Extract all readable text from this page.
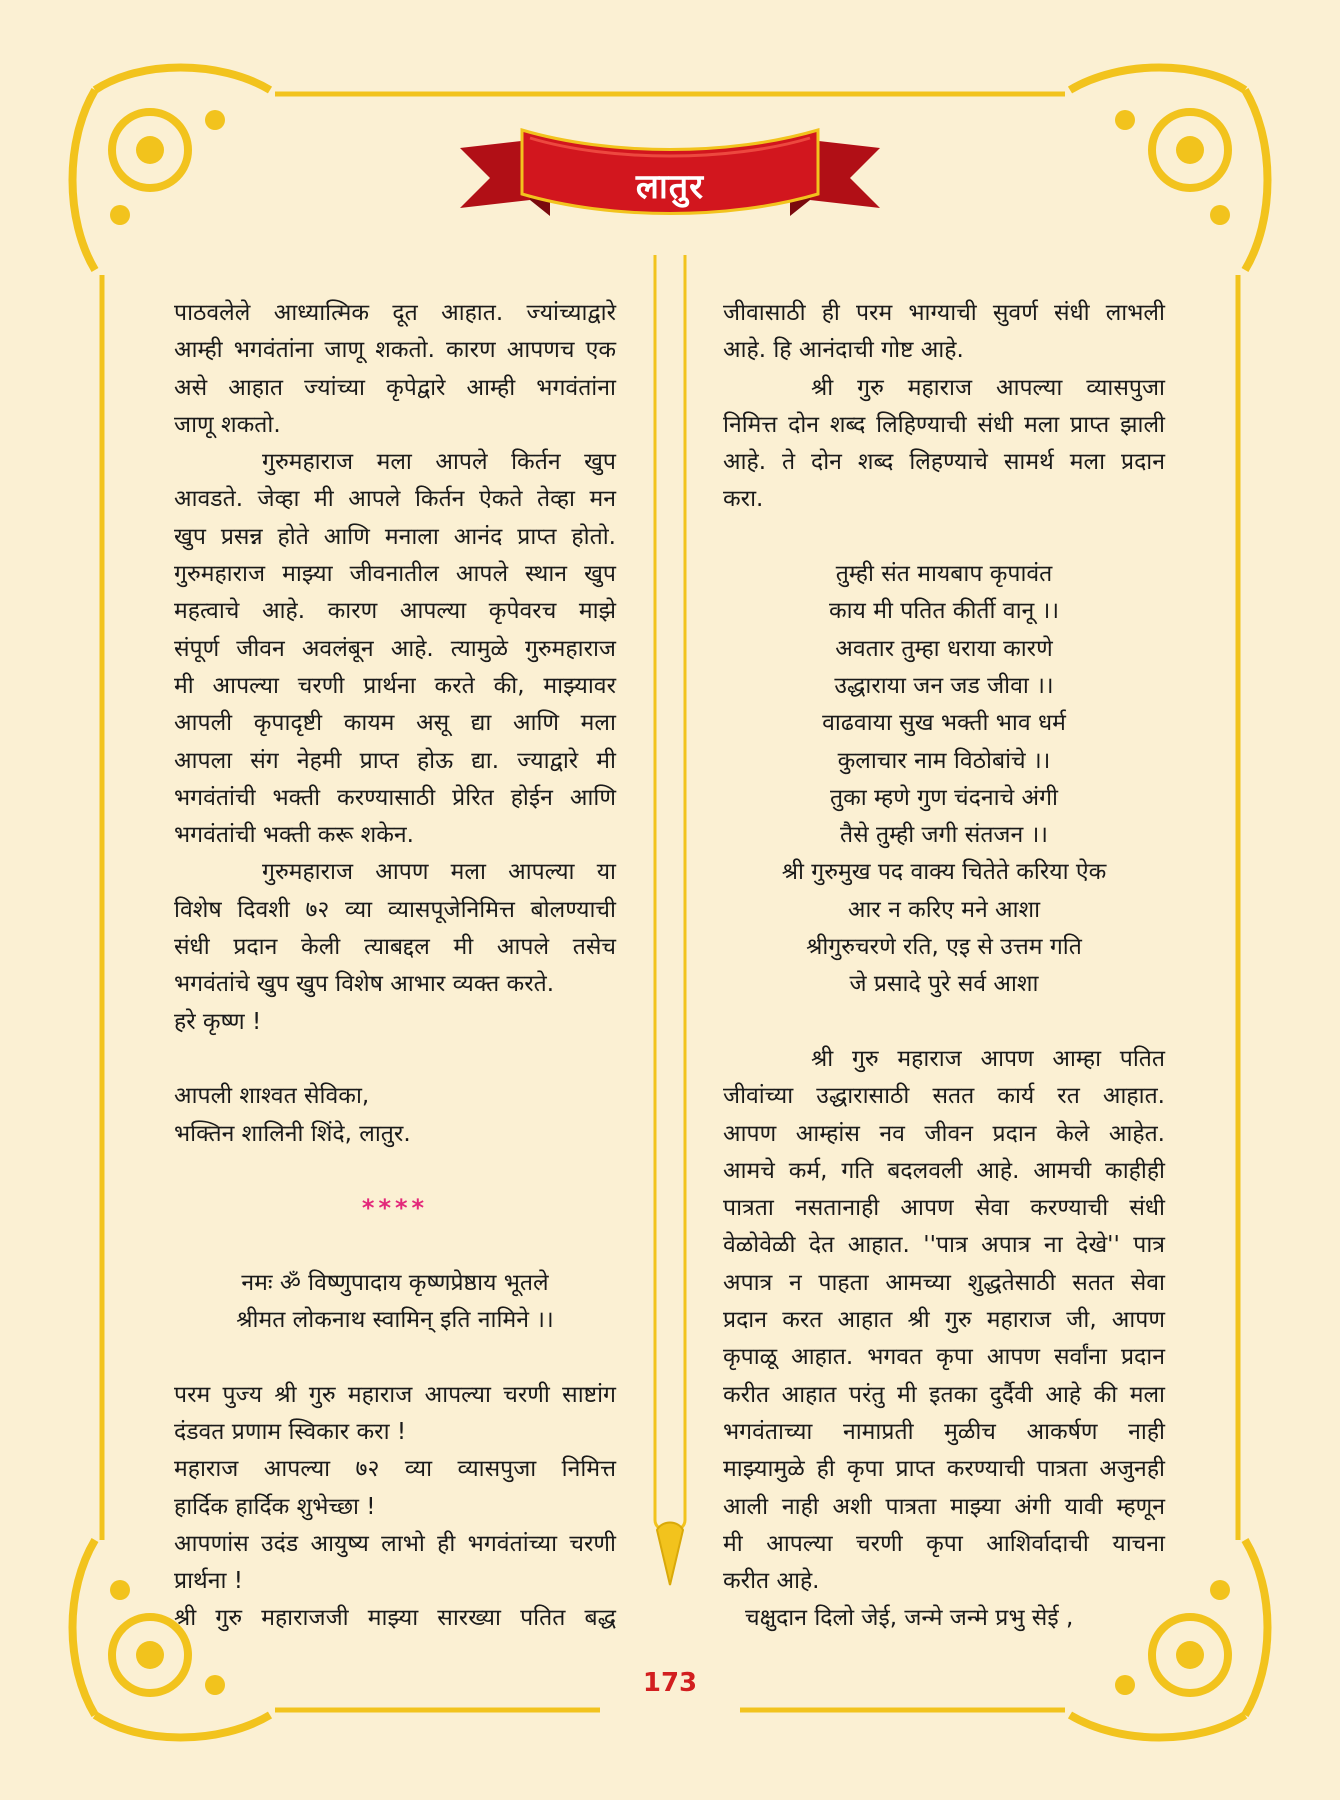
लातुर

पाठवलेले आध्यात्मिक दूत आहात. ज्यांच्याद्वारे

आम्ही भगवंतांना जाणू शकतो. कारण आपणच एक

असे आहात ज्यांच्या कृपेद्वारे आम्ही भगवंतांना

जाणू शकतो.

गुरुमहाराज मला आपले किर्तन खुप

आवडते. जेव्हा मी आपले किर्तन ऐकते तेव्हा मन

खुप प्रसन्न होते आणि मनाला आनंद प्राप्त होतो.

गुरुमहाराज माझ्या जीवनातील आपले स्थान खुप

महत्वाचे आहे. कारण आपल्या कृपेवरच माझे

संपूर्ण जीवन अवलंबून आहे. त्यामुळे गुरुमहाराज

मी आपल्या चरणी प्रार्थना करते की, माझ्यावर

आपली कृपादृष्टी कायम असू द्या आणि मला

आपला संग नेहमी प्राप्त होऊ द्या. ज्याद्वारे मी

भगवंतांची भक्ती करण्यासाठी प्रेरित होईन आणि

भगवंतांची भक्ती करू शकेन.

गुरुमहाराज आपण मला आपल्या या

विशेष दिवशी ७२ व्या व्यासपूजेनिमित्त बोलण्याची

संधी प्रदान केली त्याबद्दल मी आपले तसेच

भगवंतांचे खुप खुप विशेष आभार व्यक्त करते.

हरे कृष्ण !

आपली शाश्वत सेविका,

भक्तिन शालिनी शिंदे, लातुर.

****

नमः ॐ विष्णुपादाय कृष्णप्रेष्ठाय भूतले

श्रीमत लोकनाथ स्वामिन् इति नामिने ।।

परम पुज्य श्री गुरु महाराज आपल्या चरणी साष्टांग

दंडवत प्रणाम स्विकार करा !

महाराज आपल्या ७२ व्या व्यासपुजा निमित्त

हार्दिक हार्दिक शुभेच्छा !

आपणांस उदंड आयुष्य लाभो ही भगवंतांच्या चरणी

प्रार्थना !

श्री गुरु महाराजजी माझ्या सारख्या पतित बद्ध

जीवासाठी ही परम भाग्याची सुवर्ण संधी लाभली

आहे. हि आनंदाची गोष्ट आहे.

श्री गुरु महाराज आपल्या व्यासपुजा

निमित्त दोन शब्द लिहिण्याची संधी मला प्राप्त झाली

आहे. ते दोन शब्द लिहण्याचे सामर्थ मला प्रदान

करा.

तुम्ही संत मायबाप कृपावंत

काय मी पतित कीर्ती वानू ।।

अवतार तुम्हा धराया कारणे

उद्धाराया जन जड जीवा ।।

वाढवाया सुख भक्ती भाव धर्म

कुलाचार नाम विठोबांचे ।।

तुका म्हणे गुण चंदनाचे अंगी

तैसे तुम्ही जगी संतजन ।।

श्री गुरुमुख पद वाक्य चितेते करिया ऐक

आर न करिए मने आशा

श्रीगुरुचरणे रति, एइ से उत्तम गति

जे प्रसादे पुरे सर्व आशा

श्री गुरु महाराज आपण आम्हा पतित

जीवांच्या उद्धारासाठी सतत कार्य रत आहात.

आपण आम्हांस नव जीवन प्रदान केले आहेत.

आमचे कर्म, गति बदलवली आहे. आमची काहीही

पात्रता नसतानाही आपण सेवा करण्याची संधी

वेळोवेळी देत आहात. ''पात्र अपात्र ना देखे'' पात्र

अपात्र न पाहता आमच्या शुद्धतेसाठी सतत सेवा

प्रदान करत आहात श्री गुरु महाराज जी, आपण

कृपाळू आहात. भगवत कृपा आपण सर्वांना प्रदान

करीत आहात परंतु मी इतका दुर्दैवी आहे की मला

भगवंताच्या नामाप्रती मुळीच आकर्षण नाही

माझ्यामुळे ही कृपा प्राप्त करण्याची पात्रता अजुनही

आली नाही अशी पात्रता माझ्या अंगी यावी म्हणून

मी आपल्या चरणी कृपा आशिर्वादाची याचना

करीत आहे.

चक्षुदान दिलो जेई, जन्मे जन्मे प्रभु सेई ,

173
